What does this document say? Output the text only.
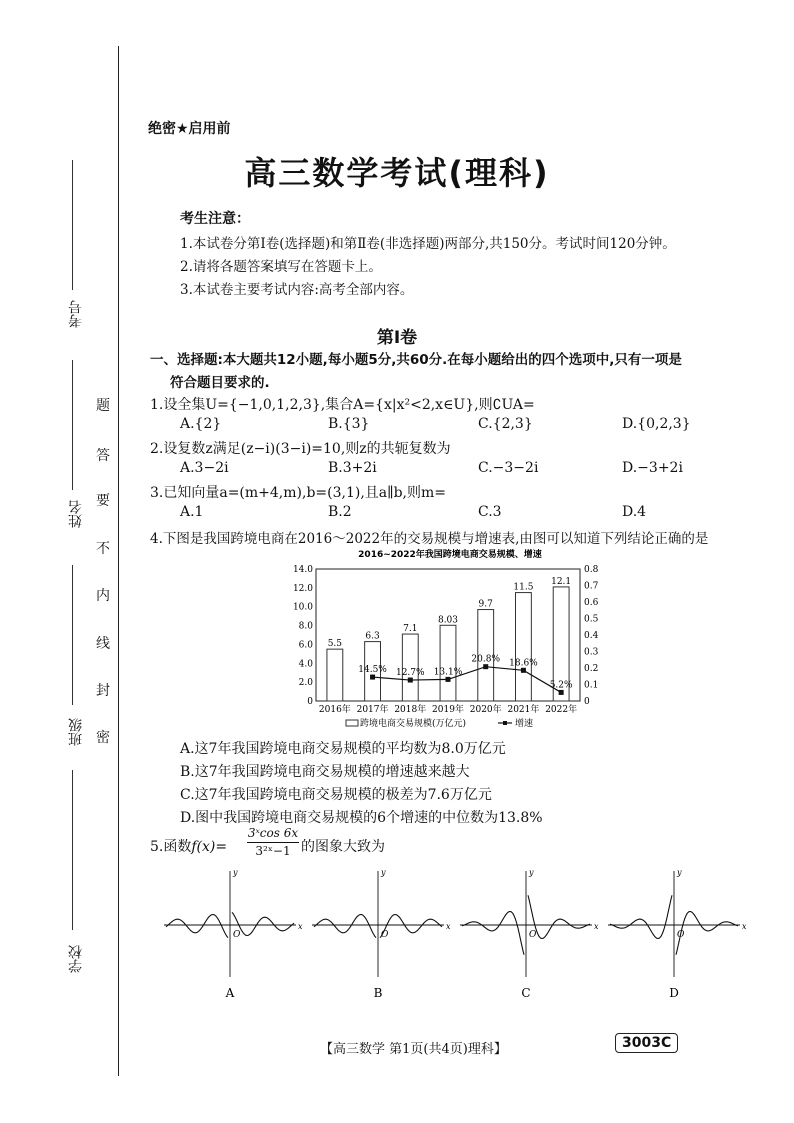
考号
姓名
班级
学校
题
答
要
不
内
线
封
密
绝密★启用前
高三数学考试(理科)
考生注意：
1.本试卷分第Ⅰ卷(选择题)和第Ⅱ卷(非选择题)两部分,共150分。考试时间120分钟。
2.请将各题答案填写在答题卡上。
3.本试卷主要考试内容:高考全部内容。
第Ⅰ卷
一、选择题:本大题共12小题,每小题5分,共60分.在每小题给出的四个选项中,只有一项是
符合题目要求的.
1.设全集U={−1,0,1,2,3},集合A={x|x²<2,x∈U},则∁UA=
A.{2}	B.{3}	C.{2,3}	D.{0,2,3}
2.设复数z满足(z−i)(3−i)=10,则z的共轭复数为
A.3−2i	B.3+2i	C.−3−2i	D.−3+2i
3.已知向量a=(m+4,m),b=(3,1),且a∥b,则m=
A.1	B.2	C.3	D.4
4.下图是我国跨境电商在2016～2022年的交易规模与增速表,由图可以知道下列结论正确的是
2016~2022年我国跨境电商交易规模、增速
0
2.0
4.0
6.0
8.0
10.0
12.0
14.0
0
0.1
0.2
0.3
0.4
0.5
0.6
0.7
0.8
5.5
2016年
6.3
2017年
7.1
2018年
8.03
2019年
9.7
2020年
11.5
2021年
12.1
2022年
14.5% 12.7% 13.1%
20.8% 18.6%
5.2%
跨境电商交易规模(万亿元)	增速
A.这7年我国跨境电商交易规模的平均数为8.0万亿元
B.这7年我国跨境电商交易规模的增速越来越大
C.这7年我国跨境电商交易规模的极差为7.6万亿元
D.图中我国跨境电商交易规模的6个增速的中位数为13.8%
5.函数f(x)=
3ˣcos 6x
3²ˣ−1 的图象大致为
x
y
O
A
x
y
O
B
x
y
O
C
x
y
O
D
【高三数学 第1页(共4页)理科】	3003C
